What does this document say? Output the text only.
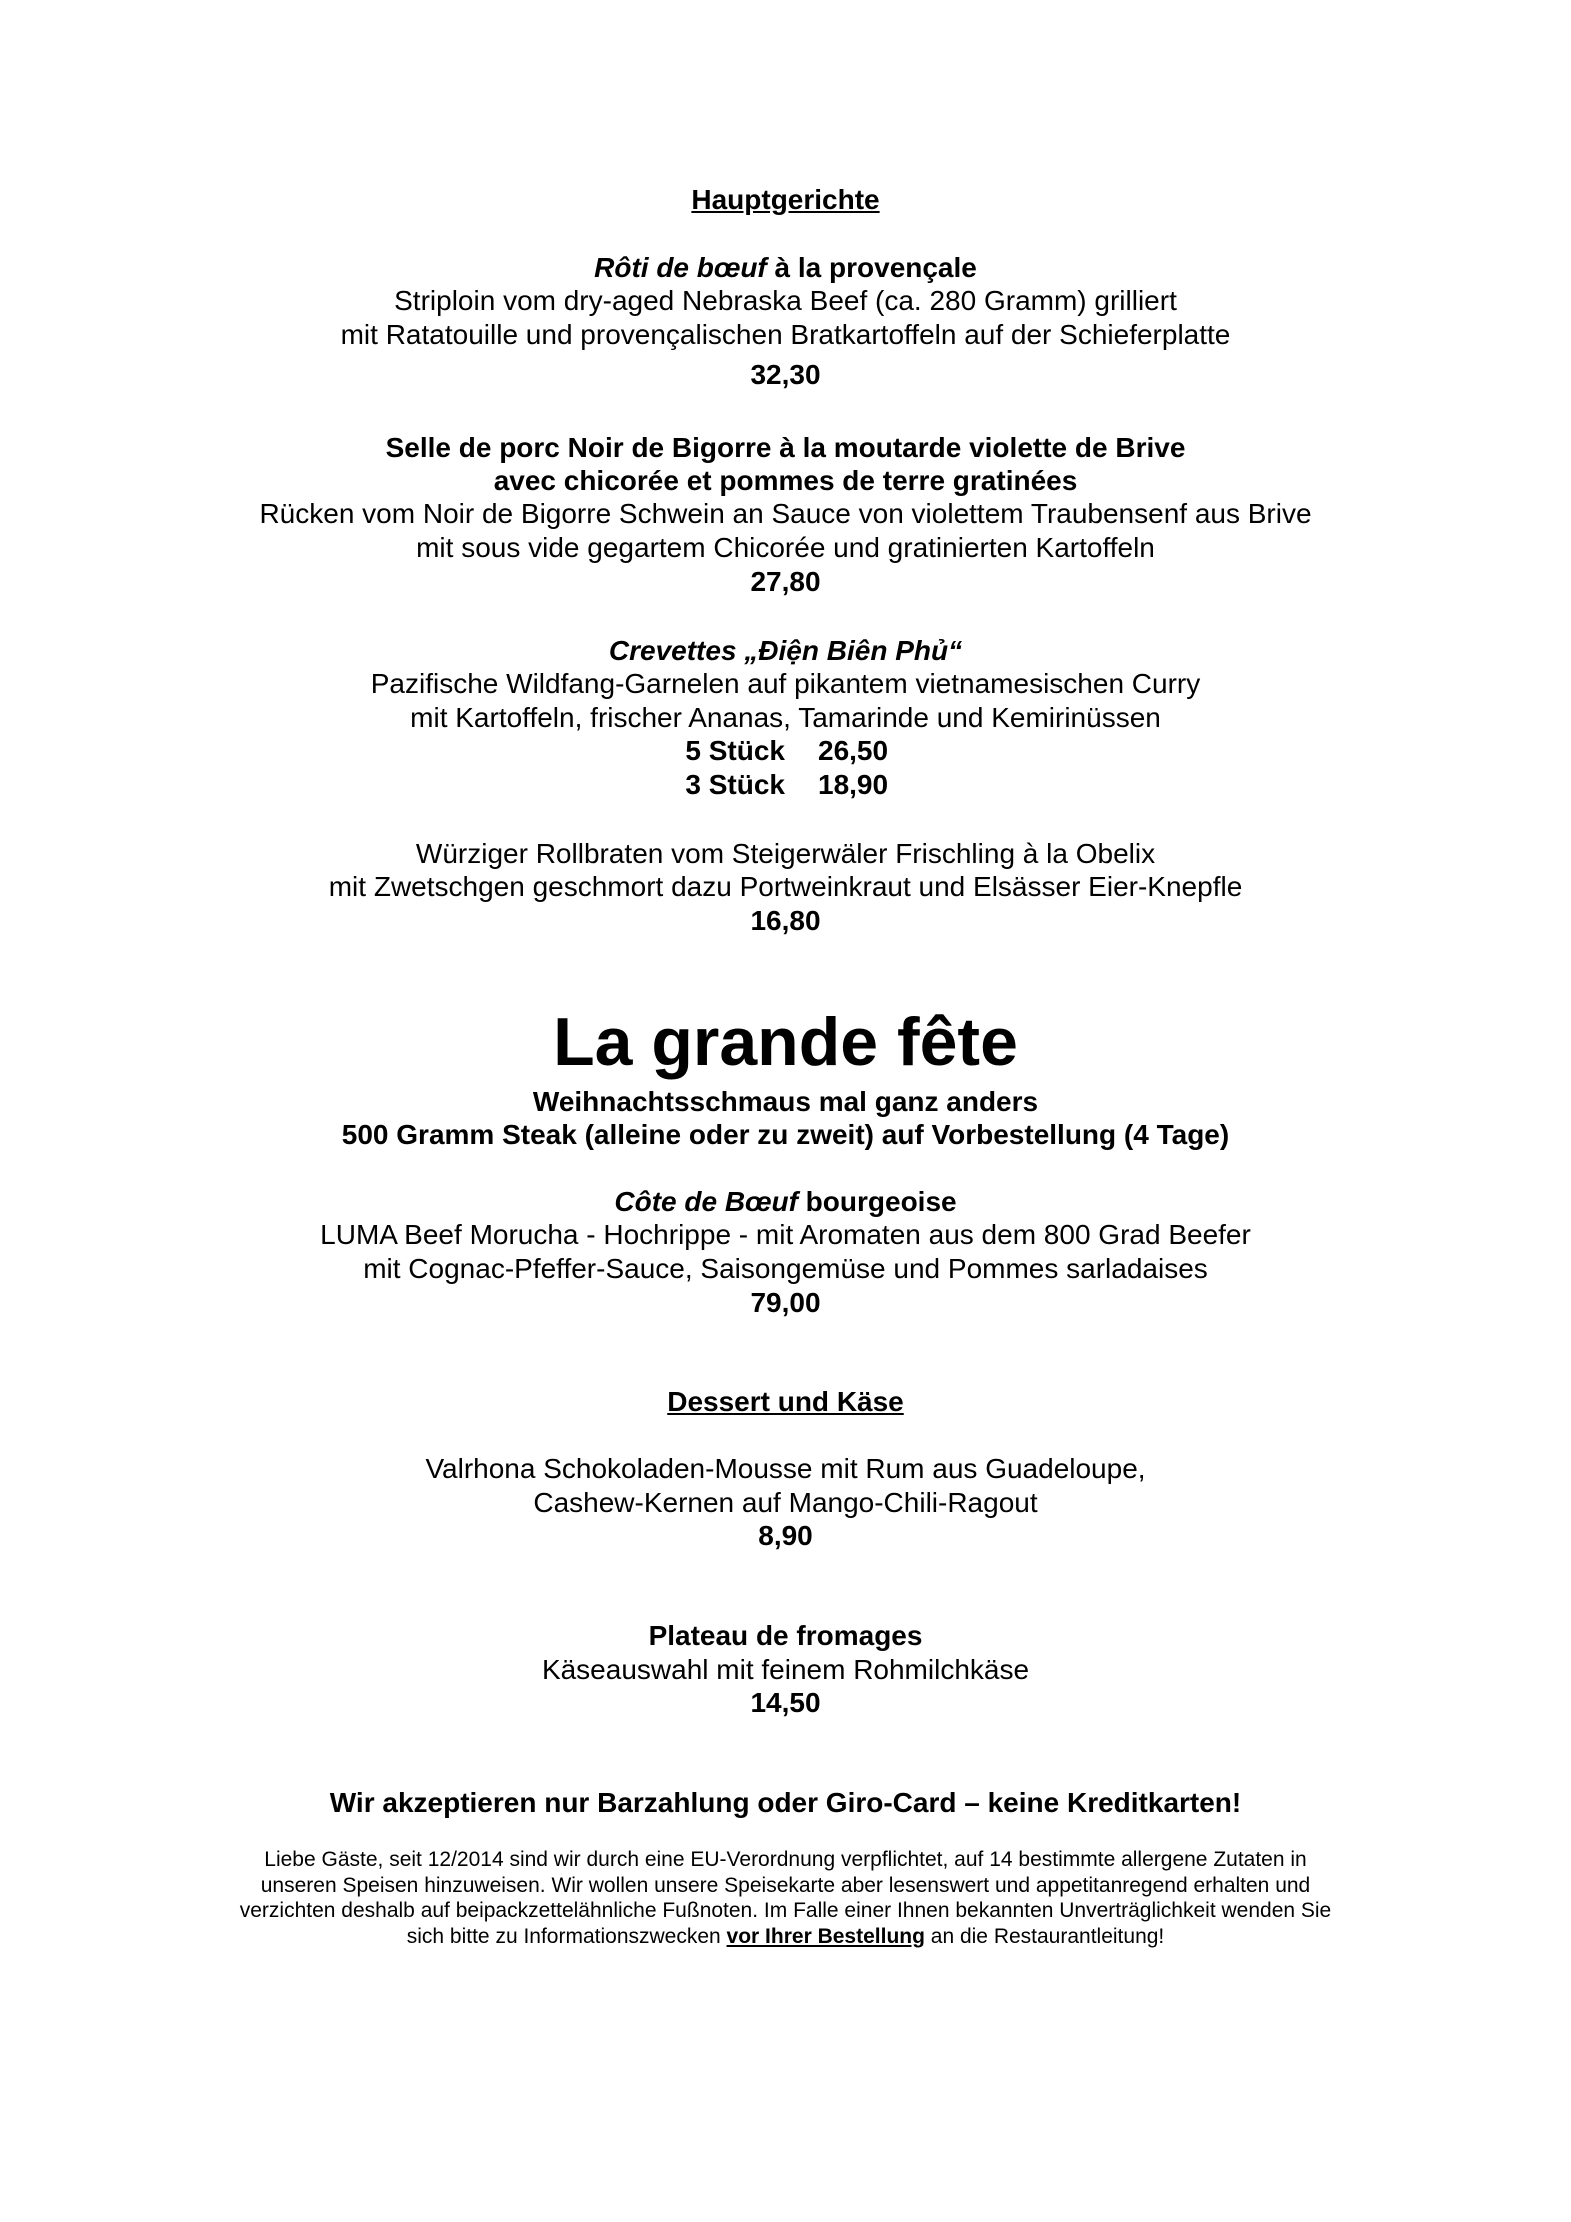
Hauptgerichte
Rôti de bœuf à la provençale
Striploin vom dry-aged Nebraska Beef (ca. 280 Gramm) grilliert
mit Ratatouille und provençalischen Bratkartoffeln auf der Schieferplatte
32,30
Selle de porc Noir de Bigorre à la moutarde violette de Brive
avec chicorée et pommes de terre gratinées
Rücken vom Noir de Bigorre Schwein an Sauce von violettem Traubensenf aus Brive
mit sous vide gegartem Chicorée und gratinierten Kartoffeln
27,80
Crevettes „Điện Biên Phủ“
Pazifische Wildfang-Garnelen auf pikantem vietnamesischen Curry
mit Kartoffeln, frischer Ananas, Tamarinde und Kemirinüssen
5 Stück 26,50
3 Stück 18,90
Würziger Rollbraten vom Steigerwäler Frischling à la Obelix
mit Zwetschgen geschmort dazu Portweinkraut und Elsässer Eier-Knepfle
16,80
La grande fête
Weihnachtsschmaus mal ganz anders
500 Gramm Steak (alleine oder zu zweit) auf Vorbestellung (4 Tage)
Côte de Bœuf bourgeoise
LUMA Beef Morucha - Hochrippe - mit Aromaten aus dem 800 Grad Beefer
mit Cognac-Pfeffer-Sauce, Saisongemüse und Pommes sarladaises
79,00
Dessert und Käse
Valrhona Schokoladen-Mousse mit Rum aus Guadeloupe,
Cashew-Kernen auf Mango-Chili-Ragout
8,90
Plateau de fromages
Käseauswahl mit feinem Rohmilchkäse
14,50
Wir akzeptieren nur Barzahlung oder Giro-Card – keine Kreditkarten!
Liebe Gäste, seit 12/2014 sind wir durch eine EU-Verordnung verpflichtet, auf 14 bestimmte allergene Zutaten in
unseren Speisen hinzuweisen. Wir wollen unsere Speisekarte aber lesenswert und appetitanregend erhalten und
verzichten deshalb auf beipackzettelähnliche Fußnoten. Im Falle einer Ihnen bekannten Unverträglichkeit wenden Sie
sich bitte zu Informationszwecken vor Ihrer Bestellung an die Restaurantleitung!
